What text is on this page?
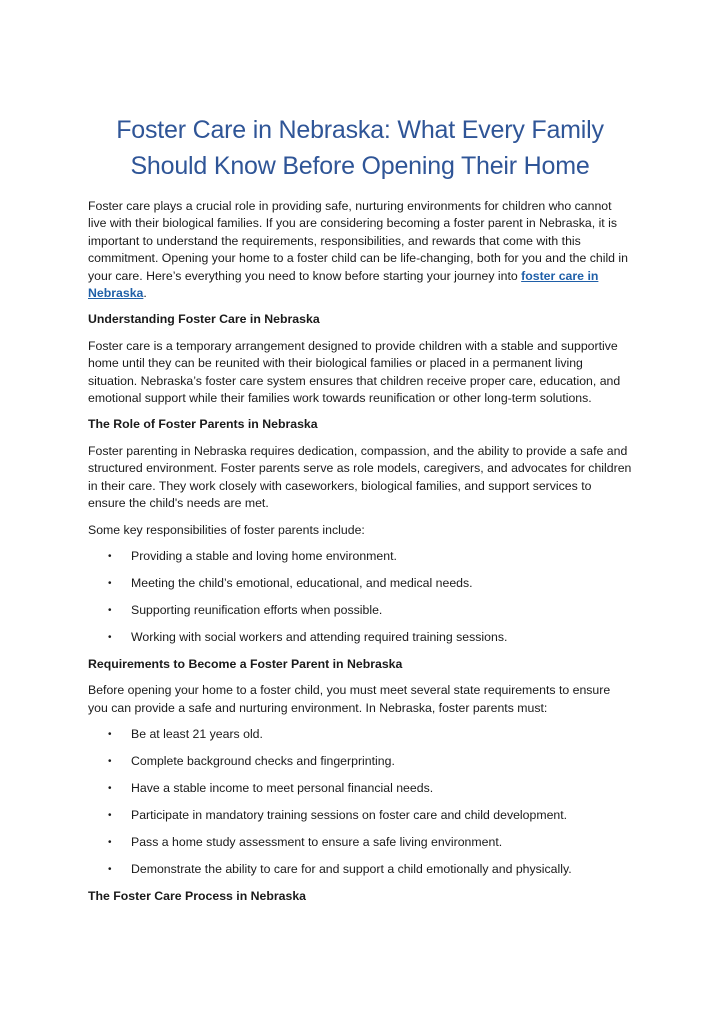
Foster Care in Nebraska: What Every Family Should Know Before Opening Their Home

Foster care plays a crucial role in providing safe, nurturing environments for children who cannot live with their biological families. If you are considering becoming a foster parent in Nebraska, it is important to understand the requirements, responsibilities, and rewards that come with this commitment. Opening your home to a foster child can be life-changing, both for you and the child in your care. Here’s everything you need to know before starting your journey into foster care in Nebraska.

Understanding Foster Care in Nebraska

Foster care is a temporary arrangement designed to provide children with a stable and supportive home until they can be reunited with their biological families or placed in a permanent living situation. Nebraska’s foster care system ensures that children receive proper care, education, and emotional support while their families work towards reunification or other long-term solutions.

The Role of Foster Parents in Nebraska

Foster parenting in Nebraska requires dedication, compassion, and the ability to provide a safe and structured environment. Foster parents serve as role models, caregivers, and advocates for children in their care. They work closely with caseworkers, biological families, and support services to ensure the child's needs are met.

Some key responsibilities of foster parents include:

• Providing a stable and loving home environment.
• Meeting the child’s emotional, educational, and medical needs.
• Supporting reunification efforts when possible.
• Working with social workers and attending required training sessions.
Requirements to Become a Foster Parent in Nebraska

Before opening your home to a foster child, you must meet several state requirements to ensure you can provide a safe and nurturing environment. In Nebraska, foster parents must:

• Be at least 21 years old.
• Complete background checks and fingerprinting.
• Have a stable income to meet personal financial needs.
• Participate in mandatory training sessions on foster care and child development.
• Pass a home study assessment to ensure a safe living environment.
• Demonstrate the ability to care for and support a child emotionally and physically.
The Foster Care Process in Nebraska
